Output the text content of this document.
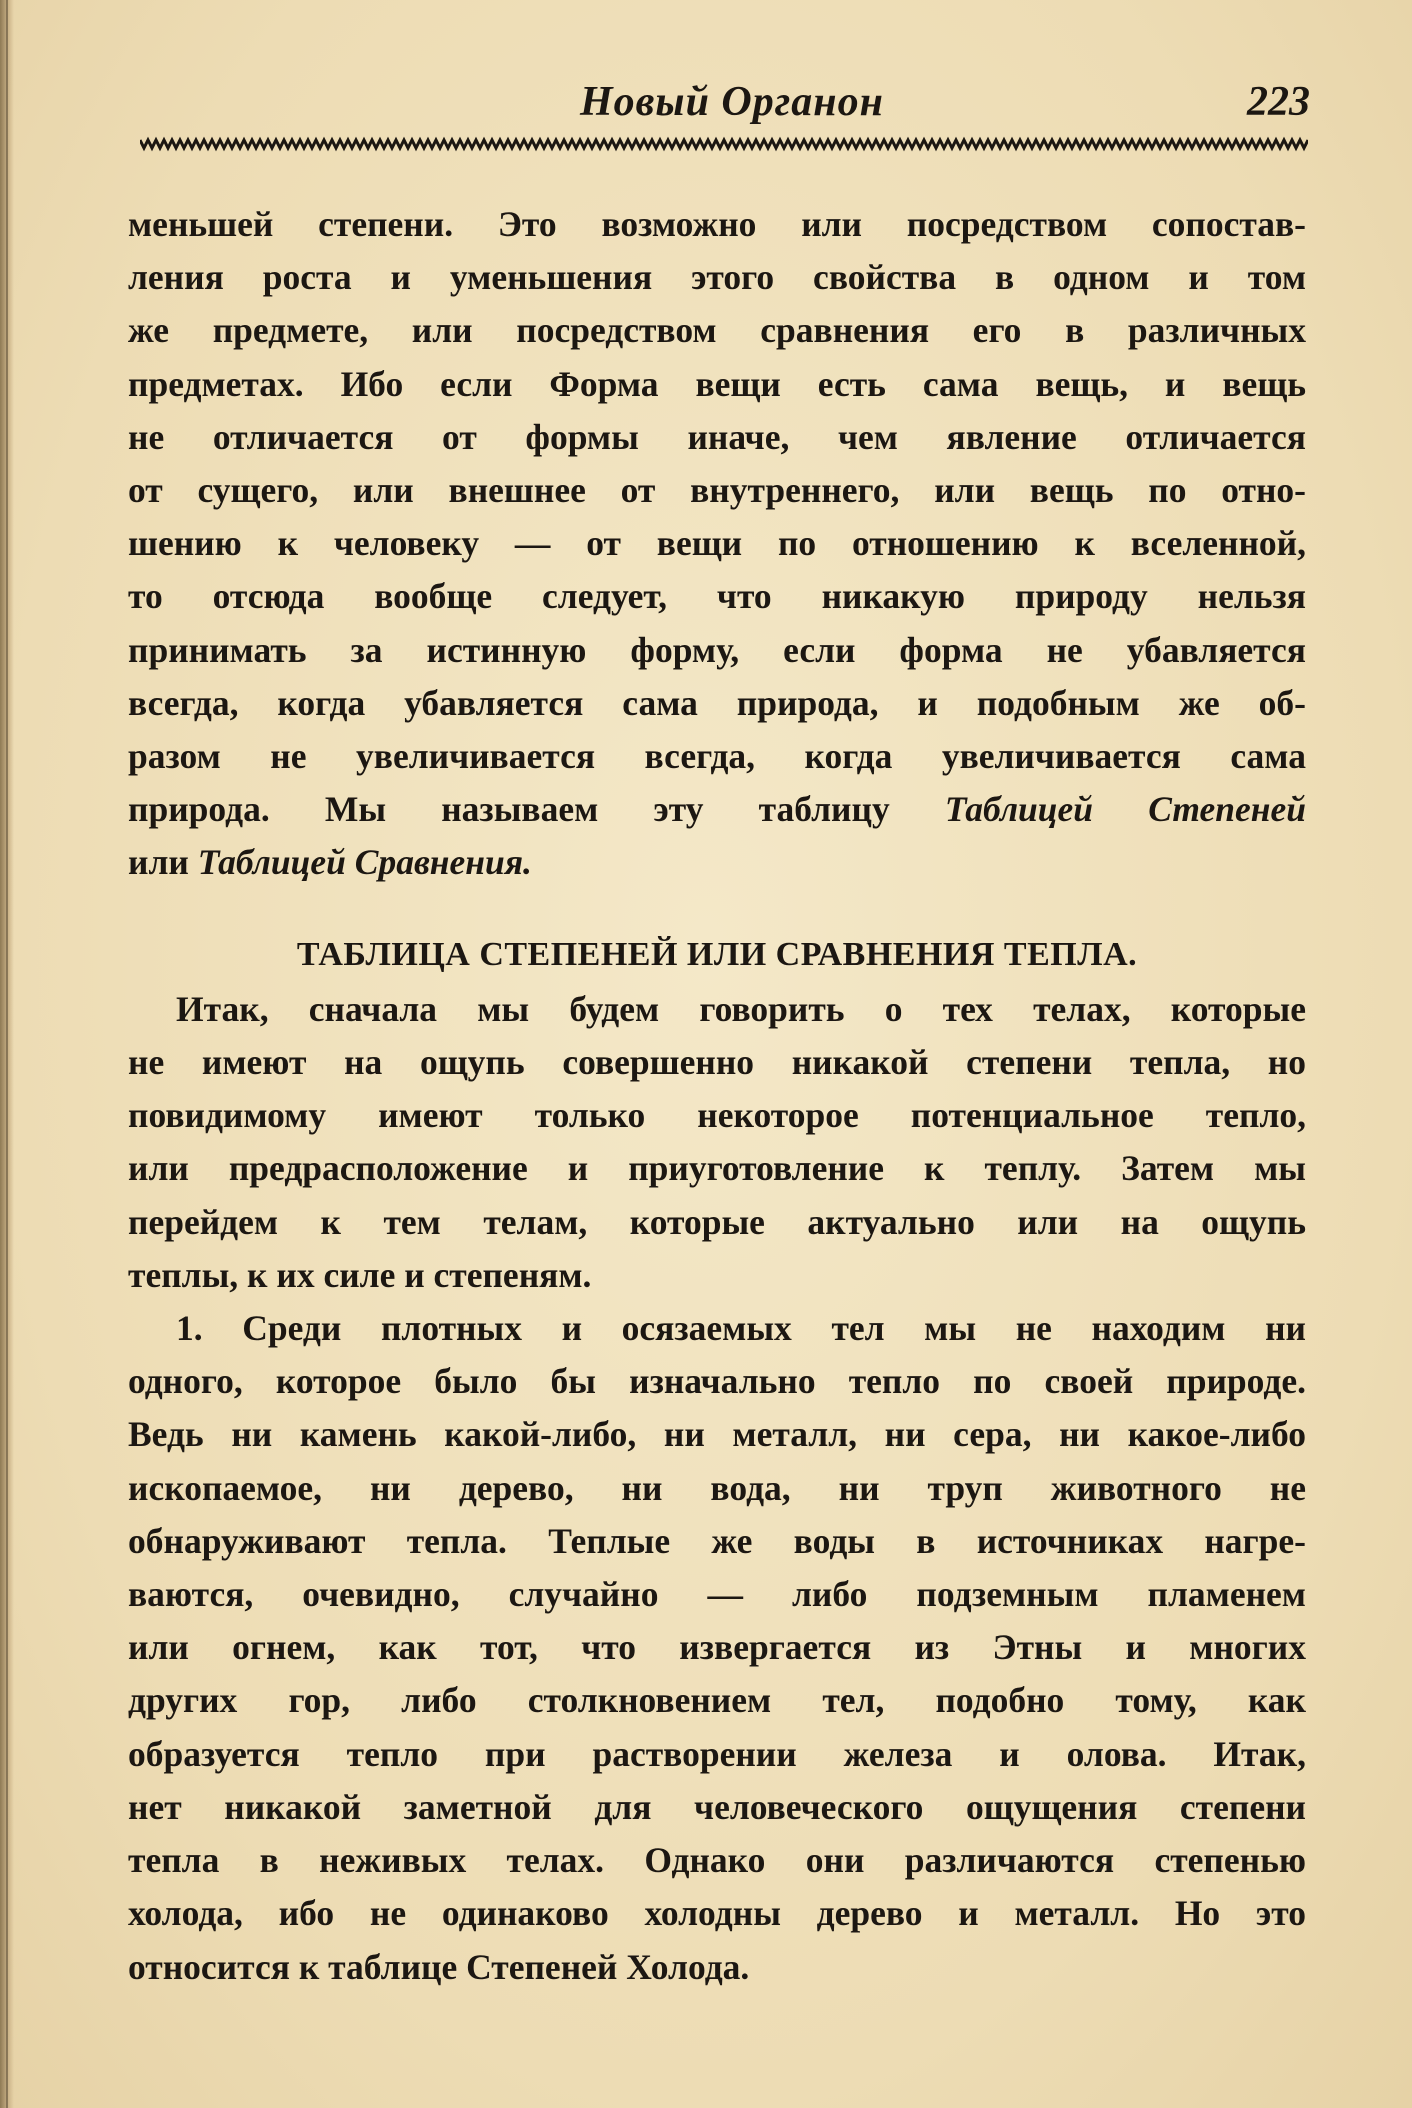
Новый Органон	223

меньшей степени. Это возможно или посредством сопостав-
ления роста и уменьшения этого свойства в одном и том
же предмете, или посредством сравнения его в различных
предметах. Ибо если Форма вещи есть сама вещь, и вещь
не отличается от формы иначе, чем явление отличается
от сущего, или внешнее от внутреннего, или вещь по отно-
шению к человеку — от вещи по отношению к вселенной,
то отсюда вообще следует, что никакую природу нельзя
принимать за истинную форму, если форма не убавляется
всегда, когда убавляется сама природа, и подобным же об-
разом не увеличивается всегда, когда увеличивается сама
природа. Мы называем эту таблицу Таблицей Степеней
или Таблицей Сравнения.

ТАБЛИЦА СТЕПЕНЕЙ ИЛИ СРАВНЕНИЯ ТЕПЛА.

Итак, сначала мы будем говорить о тех телах, которые
не имеют на ощупь совершенно никакой степени тепла, но
повидимому имеют только некоторое потенциальное тепло,
или предрасположение и приуготовление к теплу. Затем мы
перейдем к тем телам, которые актуально или на ощупь
теплы, к их силе и степеням.

1. Среди плотных и осязаемых тел мы не находим ни
одного, которое было бы изначально тепло по своей природе.
Ведь ни камень какой-либо, ни металл, ни сера, ни какое-либо
ископаемое, ни дерево, ни вода, ни труп животного не
обнаруживают тепла. Теплые же воды в источниках нагре-
ваются, очевидно, случайно — либо подземным пламенем
или огнем, как тот, что извергается из Этны и многих
других гор, либо столкновением тел, подобно тому, как
образуется тепло при растворении железа и олова. Итак,
нет никакой заметной для человеческого ощущения степени
тепла в неживых телах. Однако они различаются степенью
холода, ибо не одинаково холодны дерево и металл. Но это
относится к таблице Степеней Холода.
